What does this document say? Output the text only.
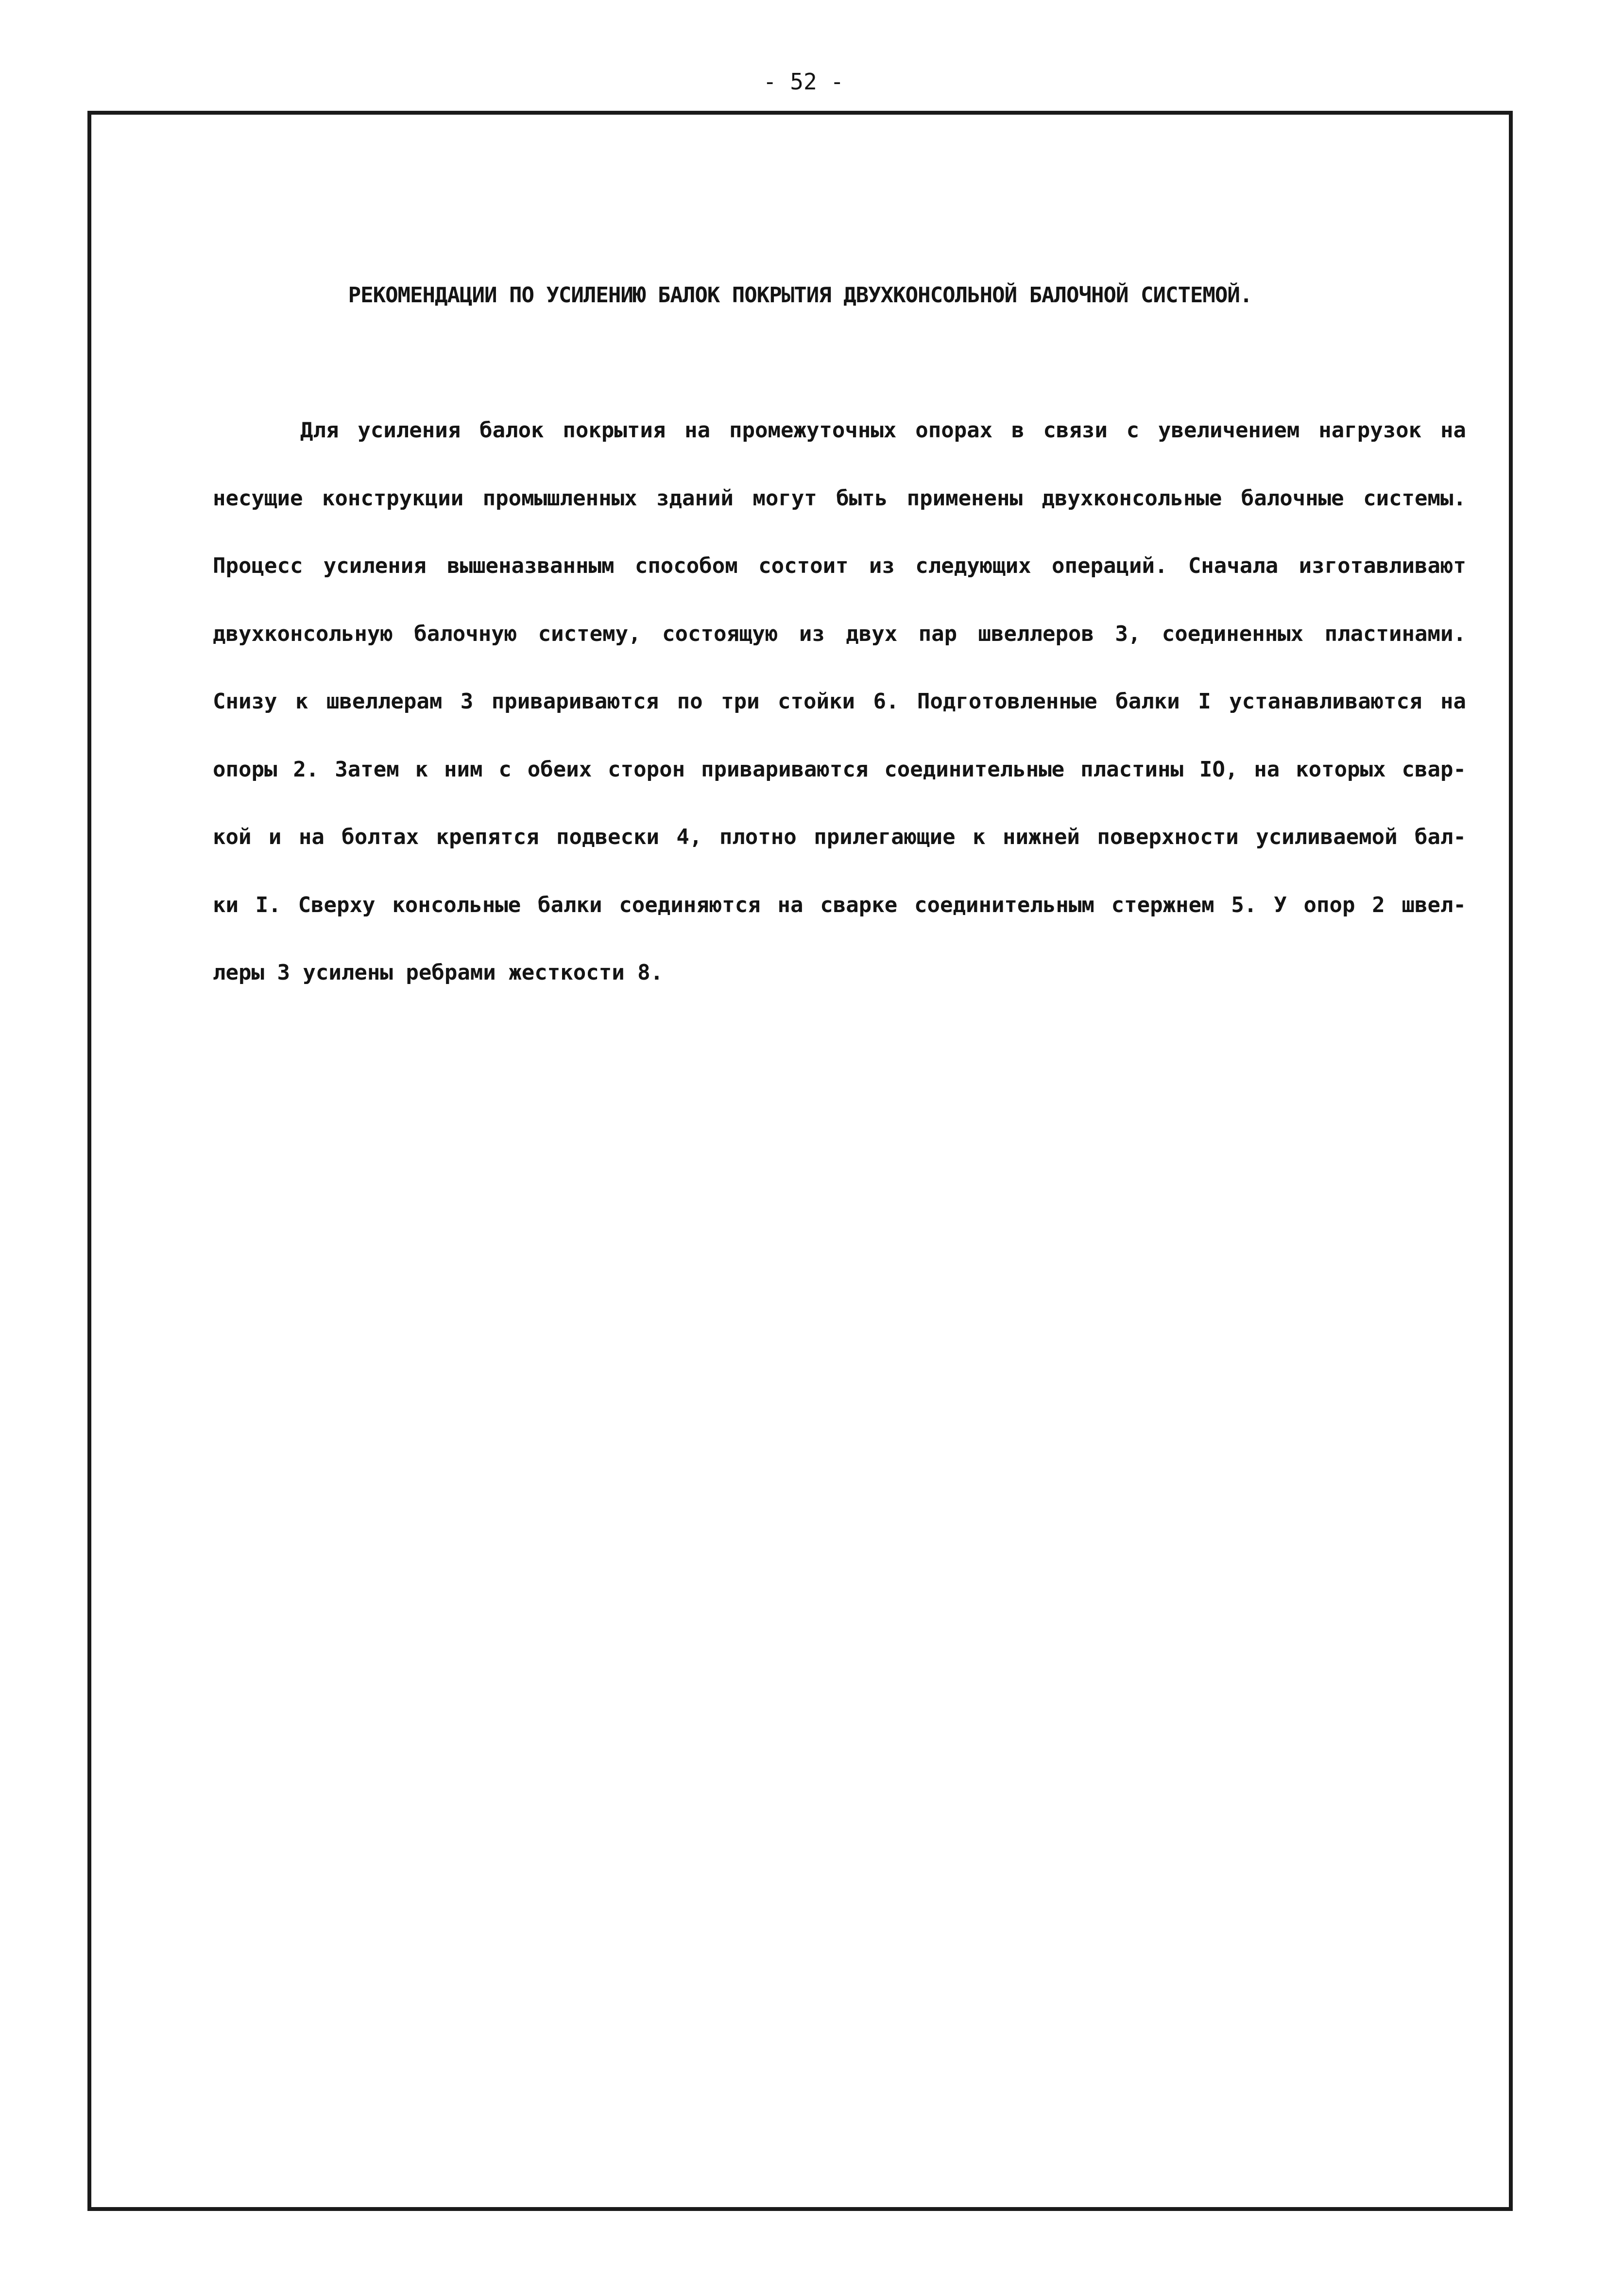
- 52 -
РЕКОМЕНДАЦИИ ПО УСИЛЕНИЮ БАЛОК ПОКРЫТИЯ ДВУХКОНСОЛЬНОЙ БАЛОЧНОЙ СИСТЕМОЙ.
Для усиления балок покрытия на промежуточных опорах в связи с увеличением нагрузок на
несущие конструкции промышленных зданий могут быть применены двухконсольные балочные системы.
Процесс усиления вышеназванным способом состоит из следующих операций. Сначала изготавливают
двухконсольную балочную систему, состоящую из двух пар швеллеров 3, соединенных пластинами.
Снизу к швеллерам 3 привариваются по три стойки 6. Подготовленные балки I устанавливаются на
опоры 2. Затем к ним с обеих сторон привариваются соединительные пластины IO, на которых свар-
кой и на болтах крепятся подвески 4, плотно прилегающие к нижней поверхности усиливаемой бал-
ки I. Сверху консольные балки соединяются на сварке соединительным стержнем 5. У опор 2 швел-
леры 3 усилены ребрами жесткости 8.
